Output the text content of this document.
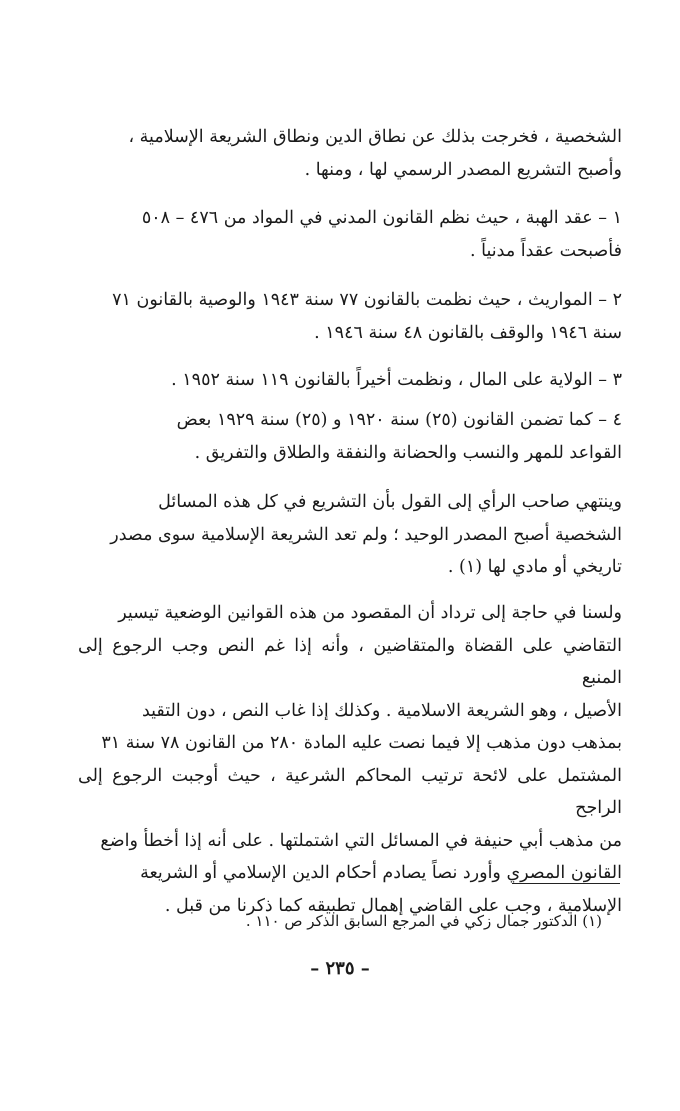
الشخصية ، فخرجت بذلك عن نطاق الدين ونطاق الشريعة الإسلامية ،
وأصبح التشريع المصدر الرسمي لها ، ومنها .
١ – عقد الهبة ، حيث نظم القانون المدني في المواد من ٤٧٦ – ٥٠٨
فأصبحت عقداً مدنياً .
٢ – المواريث ، حيث نظمت بالقانون ٧٧ سنة ١٩٤٣ والوصية بالقانون ٧١
سنة ١٩٤٦ والوقف بالقانون ٤٨ سنة ١٩٤٦ .
٣ – الولاية على المال ، ونظمت أخيراً بالقانون ١١٩ سنة ١٩٥٢ .
٤ – كما تضمن القانون (٢٥) سنة ١٩٢٠ و (٢٥) سنة ١٩٢٩ بعض
القواعد للمهر والنسب والحضانة والنفقة والطلاق والتفريق .
وينتهي صاحب الرأي إلى القول بأن التشريع في كل هذه المسائل
الشخصية أصبح المصدر الوحيد ؛ ولم تعد الشريعة الإسلامية سوى مصدر
تاريخي أو مادي لها (١) .
ولسنا في حاجة إلى ترداد أن المقصود من هذه القوانين الوضعية تيسير
التقاضي على القضاة والمتقاضين ، وأنه إذا غم النص وجب الرجوع إلى المنبع
الأصيل ، وهو الشريعة الاسلامية . وكذلك إذا غاب النص ، دون التقيد
بمذهب دون مذهب إلا فيما نصت عليه المادة ٢٨٠ من القانون ٧٨ سنة ٣١
المشتمل على لائحة ترتيب المحاكم الشرعية ، حيث أوجبت الرجوع إلى الراجح
من مذهب أبي حنيفة في المسائل التي اشتملتها . على أنه إذا أخطأ واضع
القانون المصري وأورد نصاً يصادم أحكام الدين الإسلامي أو الشريعة
الإسلامية ، وجب على القاضي إهمال تطبيقه كما ذكرنا من قبل .
(١) الدكتور جمال زكي في المرجع السابق الذكر ص ١١٠ .
– ٢٣٥ –
